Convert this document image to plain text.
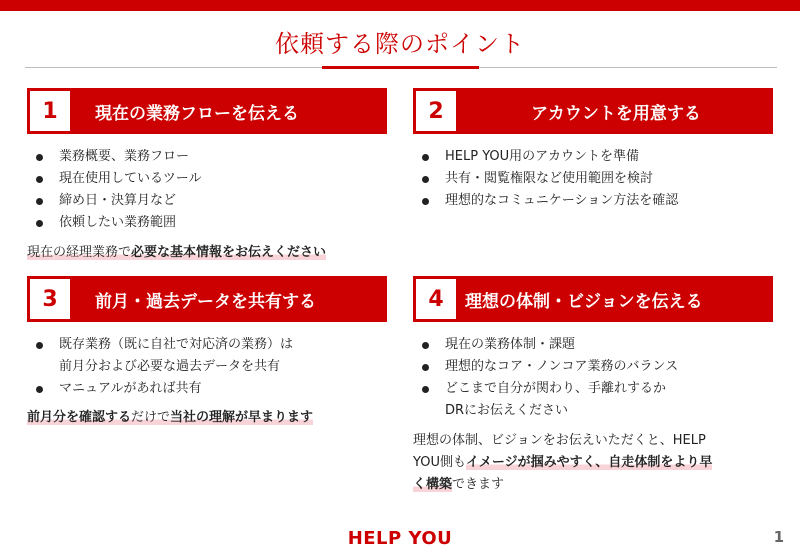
依頼する際のポイント
1	現在の業務フローを伝える
業務概要、業務フロー
現在使用しているツール
締め日・決算月など
依頼したい業務範囲
現在の経理業務で必要な基本情報をお伝えください
2	アカウントを用意する
HELP YOU用のアカウントを準備
共有・閲覧権限など使用範囲を検討
理想的なコミュニケーション方法を確認
3	前月・過去データを共有する
既存業務（既に自社で対応済の業務）は
前月分および必要な過去データを共有
マニュアルがあれば共有
前月分を確認するだけで当社の理解が早まります
4	理想の体制・ビジョンを伝える
現在の業務体制・課題
理想的なコア・ノンコア業務のバランス
どこまで自分が関わり、手離れするか
DRにお伝えください
理想の体制、ビジョンをお伝えいただくと、HELP
YOU側もイメージが掴みやすく、自走体制をより早
く構築できます
HELP YOU	1
